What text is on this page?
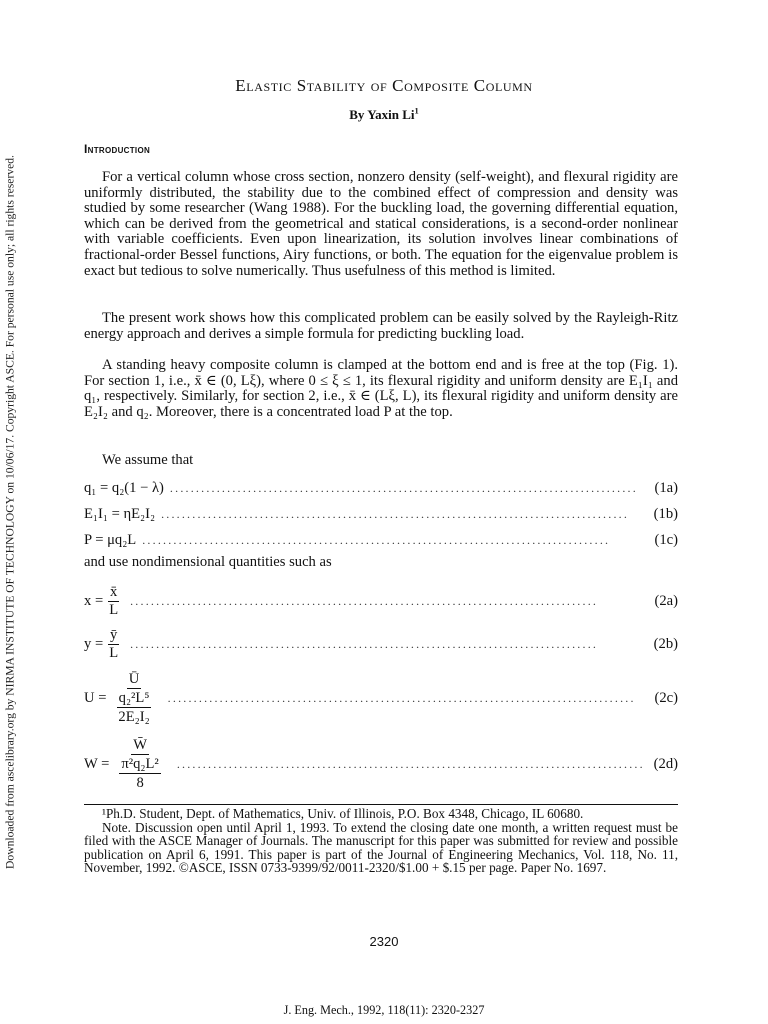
Downloaded from ascelibrary.org by NIRMA INSTITUTE OF TECHNOLOGY on 10/06/17. Copyright ASCE. For personal use only; all rights reserved.
Elastic Stability of Composite Column
By Yaxin Li$^1$
Introduction

For a vertical column whose cross section, nonzero density (self-weight), and flexural rigidity are uniformly distributed, the stability due to the combined effect of compression and density was studied by some researcher (Wang 1988). For the buckling load, the governing differential equation, which can be derived from the geometrical and statical considerations, is a second-order nonlinear with variable coefficients. Even upon linearization, its solution involves linear combinations of fractional-order Bessel functions, Airy functions, or both. The equation for the eigenvalue problem is exact but tedious to solve numerically. Thus usefulness of this method is limited.

The present work shows how this complicated problem can be easily solved by the Rayleigh-Ritz energy approach and derives a simple formula for predicting buckling load.

A standing heavy composite column is clamped at the bottom end and is free at the top (Fig. 1). For section 1, i.e., x̄ ∈ (0, Lξ), where 0 ≤ ξ ≤ 1, its flexural rigidity and uniform density are E₁I₁ and q₁, respectively. Similarly, for section 2, i.e., x̄ ∈ (Lξ, L), its flexural rigidity and uniform density are E₂I₂ and q₂. Moreover, there is a concentrated load P at the top.

We assume that

q₁ = q₂(1 − λ) ..........................................................................................	(1a)
E₁I₁ = ηE₂I₂ ..........................................................................................	(1b)
P = μq₂L ..........................................................................................	(1c)

and use nondimensional quantities such as

$x = \frac{x̄}{L}$ ..........................................................................................	(2a)
$y = \frac{ȳ}{L}$ ..........................................................................................	(2b)
$U = \frac{Ū}{\frac{\text{q₂²L⁵}}{\text{2E₂I₂}}}$ ..........................................................................................	(2c)
$W = \frac{W̄}{\frac{\text{π²q₂L²}}{8}}$ .......................................................................................... (2d)

¹Ph.D. Student, Dept. of Mathematics, Univ. of Illinois, P.O. Box 4348, Chicago, IL 60680.

Note. Discussion open until April 1, 1993. To extend the closing date one month, a written request must be filed with the ASCE Manager of Journals. The manuscript for this paper was submitted for review and possible publication on April 6, 1991. This paper is part of the Journal of Engineering Mechanics, Vol. 118, No. 11, November, 1992. ©ASCE, ISSN 0733-9399/92/0011-2320/$1.00 + $.15 per page. Paper No. 1697.

2320
J. Eng. Mech., 1992, 118(11): 2320-2327
